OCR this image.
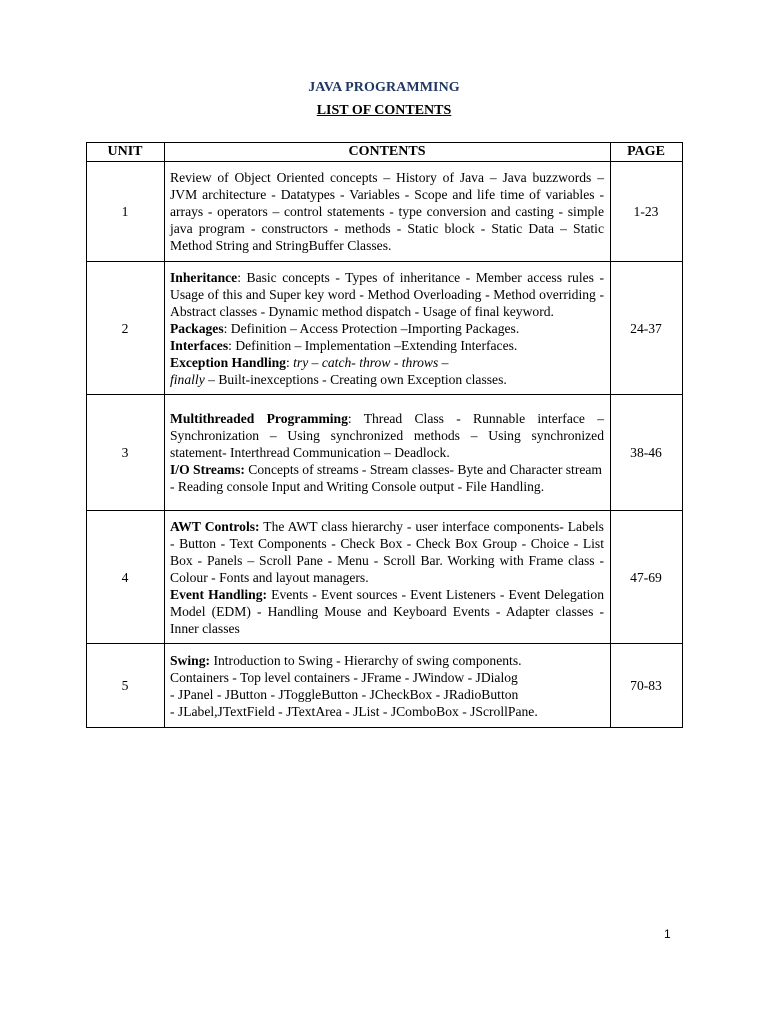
JAVA PROGRAMMING
LIST OF CONTENTS
UNIT	CONTENTS	PAGE
1	Review of Object Oriented concepts – History of Java – Java buzzwords – JVM architecture - Datatypes - Variables - Scope and life time of variables - arrays - operators – control statements - type conversion and casting - simple java program - constructors - methods - Static block - Static Data – Static Method String and StringBuffer Classes.	1-23
2	Inheritance: Basic concepts - Types of inheritance - Member access rules - Usage of this and Super key word - Method Overloading - Method overriding - Abstract classes - Dynamic method dispatch - Usage of final keyword.

Packages: Definition – Access Protection –Importing Packages.

Interfaces: Definition – Implementation –Extending Interfaces.

Exception Handling: try – catch- throw - throws –
finally – Built-inexceptions - Creating own Exception classes.	24-37
3	Multithreaded Programming: Thread Class - Runnable interface – Synchronization – Using synchronized methods – Using synchronized statement- Interthread Communication – Deadlock.

I/O Streams: Concepts of streams - Stream classes- Byte and Character stream - Reading console Input and Writing Console output - File Handling.	38-46
4	AWT Controls: The AWT class hierarchy - user interface components- Labels - Button - Text Components - Check Box - Check Box Group - Choice - List Box - Panels – Scroll Pane - Menu - Scroll Bar. Working with Frame class - Colour - Fonts and layout managers.

Event Handling: Events - Event sources - Event Listeners - Event Delegation Model (EDM) - Handling Mouse and Keyboard Events - Adapter classes - Inner classes	47-69
5	Swing: Introduction to Swing - Hierarchy of swing components.

Containers - Top level containers - JFrame - JWindow - JDialog

- JPanel - JButton - JToggleButton - JCheckBox - JRadioButton

- JLabel,JTextField - JTextArea - JList - JComboBox - JScrollPane.	70-83
1
